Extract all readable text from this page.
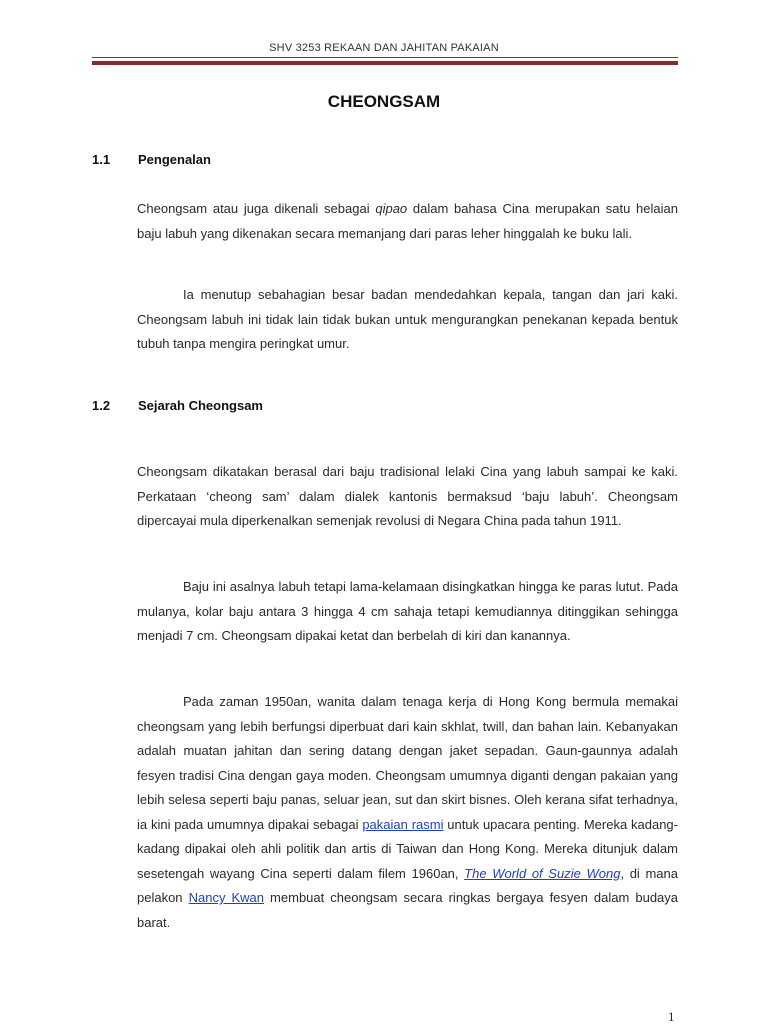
SHV 3253 REKAAN DAN JAHITAN PAKAIAN
CHEONGSAM
1.1 Pengenalan
Cheongsam atau juga dikenali sebagai qipao dalam bahasa Cina merupakan satu helaian baju labuh yang dikenakan secara memanjang dari paras leher hinggalah ke buku lali.
Ia menutup sebahagian besar badan mendedahkan kepala, tangan dan jari kaki. Cheongsam labuh ini tidak lain tidak bukan untuk mengurangkan penekanan kepada bentuk tubuh tanpa mengira peringkat umur.
1.2 Sejarah Cheongsam
Cheongsam dikatakan berasal dari baju tradisional lelaki Cina yang labuh sampai ke kaki. Perkataan ‘cheong sam’ dalam dialek kantonis bermaksud ‘baju labuh’. Cheongsam dipercayai mula diperkenalkan semenjak revolusi di Negara China pada tahun 1911.
Baju ini asalnya labuh tetapi lama-kelamaan disingkatkan hingga ke paras lutut. Pada mulanya, kolar baju antara 3 hingga 4 cm sahaja tetapi kemudiannya ditinggikan sehingga menjadi 7 cm. Cheongsam dipakai ketat dan berbelah di kiri dan kanannya.
Pada zaman 1950an, wanita dalam tenaga kerja di Hong Kong bermula memakai cheongsam yang lebih berfungsi diperbuat dari kain skhlat, twill, dan bahan lain. Kebanyakan adalah muatan jahitan dan sering datang dengan jaket sepadan. Gaun-gaunnya adalah fesyen tradisi Cina dengan gaya moden. Cheongsam umumnya diganti dengan pakaian yang lebih selesa seperti baju panas, seluar jean, sut dan skirt bisnes. Oleh kerana sifat terhadnya, ia kini pada umumnya dipakai sebagai pakaian rasmi untuk upacara penting. Mereka kadang-kadang dipakai oleh ahli politik dan artis di Taiwan dan Hong Kong. Mereka ditunjuk dalam sesetengah wayang Cina seperti dalam filem 1960an, The World of Suzie Wong, di mana pelakon Nancy Kwan membuat cheongsam secara ringkas bergaya fesyen dalam budaya barat.
1
